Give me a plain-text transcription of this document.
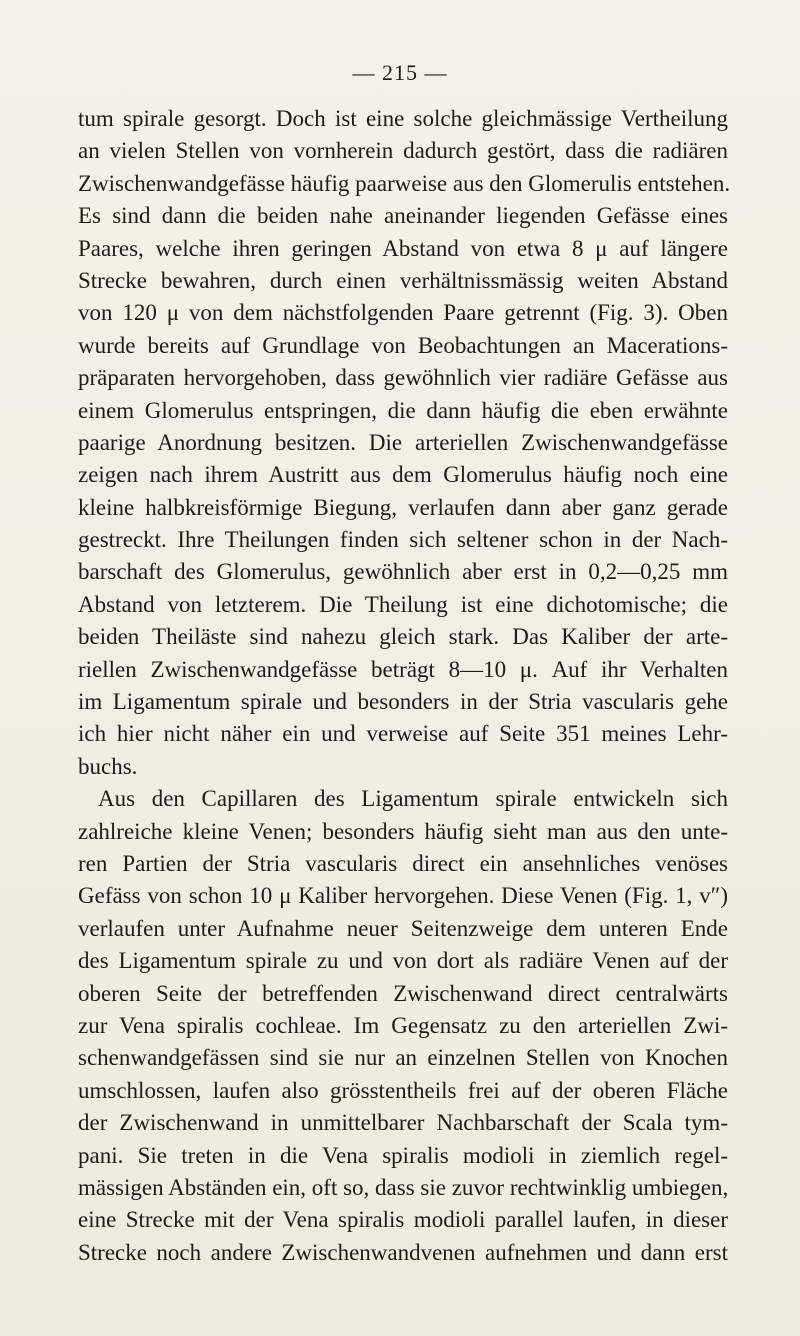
— 215 —
tum spirale gesorgt. Doch ist eine solche gleichmässige Vertheilung
an vielen Stellen von vornherein dadurch gestört, dass die radiären
Zwischenwandgefässe häufig paarweise aus den Glomerulis entstehen.
Es sind dann die beiden nahe aneinander liegenden Gefässe eines
Paares, welche ihren geringen Abstand von etwa 8 μ auf längere
Strecke bewahren, durch einen verhältnissmässig weiten Abstand
von 120 μ von dem nächstfolgenden Paare getrennt (Fig. 3). Oben
wurde bereits auf Grundlage von Beobachtungen an Macerations-
präparaten hervorgehoben, dass gewöhnlich vier radiäre Gefässe aus
einem Glomerulus entspringen, die dann häufig die eben erwähnte
paarige Anordnung besitzen. Die arteriellen Zwischenwandgefässe
zeigen nach ihrem Austritt aus dem Glomerulus häufig noch eine
kleine halbkreisförmige Biegung, verlaufen dann aber ganz gerade
gestreckt. Ihre Theilungen finden sich seltener schon in der Nach-
barschaft des Glomerulus, gewöhnlich aber erst in 0,2—0,25 mm
Abstand von letzterem. Die Theilung ist eine dichotomische; die
beiden Theiläste sind nahezu gleich stark. Das Kaliber der arte-
riellen Zwischenwandgefässe beträgt 8—10 μ. Auf ihr Verhalten
im Ligamentum spirale und besonders in der Stria vascularis gehe
ich hier nicht näher ein und verweise auf Seite 351 meines Lehr-
buchs.
Aus den Capillaren des Ligamentum spirale entwickeln sich
zahlreiche kleine Venen; besonders häufig sieht man aus den unte-
ren Partien der Stria vascularis direct ein ansehnliches venöses
Gefäss von schon 10 μ Kaliber hervorgehen. Diese Venen (Fig. 1, v″)
verlaufen unter Aufnahme neuer Seitenzweige dem unteren Ende
des Ligamentum spirale zu und von dort als radiäre Venen auf der
oberen Seite der betreffenden Zwischenwand direct centralwärts
zur Vena spiralis cochleae. Im Gegensatz zu den arteriellen Zwi-
schenwandgefässen sind sie nur an einzelnen Stellen von Knochen
umschlossen, laufen also grösstentheils frei auf der oberen Fläche
der Zwischenwand in unmittelbarer Nachbarschaft der Scala tym-
pani. Sie treten in die Vena spiralis modioli in ziemlich regel-
mässigen Abständen ein, oft so, dass sie zuvor rechtwinklig umbiegen,
eine Strecke mit der Vena spiralis modioli parallel laufen, in dieser
Strecke noch andere Zwischenwandvenen aufnehmen und dann erst
